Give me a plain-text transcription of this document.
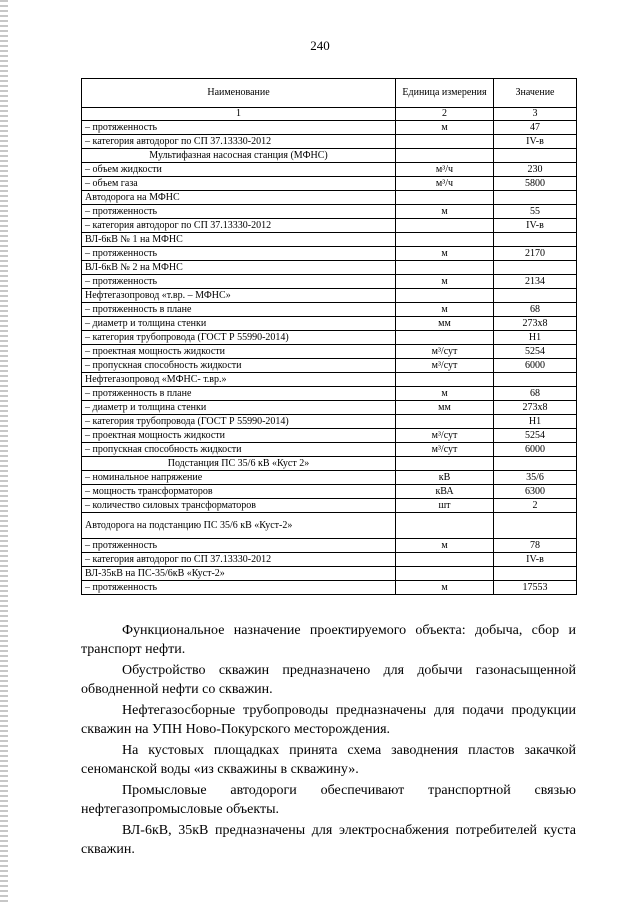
240
Наименование	Единица измерения	Значение
1	2	3
– протяженность	м	47
– категория автодорог по СП 37.13330-2012		IV-в
Мультифазная насосная станция (МФНС)		
– объем жидкости	м³/ч	230
– объем газа	м³/ч	5800
Автодорога на МФНС		
– протяженность	м	55
– категория автодорог по СП 37.13330-2012		IV-в
ВЛ-6кВ № 1 на МФНС		
– протяженность	м	2170
ВЛ-6кВ № 2 на МФНС		
– протяженность	м	2134
Нефтегазопровод «т.вр. – МФНС»		
– протяженность в плане	м	68
– диаметр и толщина стенки	мм	273х8
– категория трубопровода (ГОСТ Р 55990-2014)		Н1
– проектная мощность жидкости	м³/сут	5254
– пропускная способность жидкости	м³/сут	6000
Нефтегазопровод «МФНС- т.вр.»		
– протяженность в плане	м	68
– диаметр и толщина стенки	мм	273х8
– категория трубопровода (ГОСТ Р 55990-2014)		Н1
– проектная мощность жидкости	м³/сут	5254
– пропускная способность жидкости	м³/сут	6000
Подстанция ПС 35/6 кВ «Куст 2»		
– номинальное напряжение	кВ	35/6
– мощность трансформаторов	кВА	6300
– количество силовых трансформаторов	шт	2
Автодорога на подстанцию ПС 35/6 кВ «Куст-2»		
– протяженность	м	78
– категория автодорог по СП 37.13330-2012		IV-в
ВЛ-35кВ на ПС-35/6кВ «Куст-2»		
– протяженность	м	17553

Функциональное назначение проектируемого объекта: добыча, сбор и транспорт нефти.

Обустройство скважин предназначено для добычи газонасыщенной обводненной нефти со скважин.

Нефтегазосборные трубопроводы предназначены для подачи продукции скважин на УПН Ново-Покурского месторождения.

На кустовых площадках принята схема заводнения пластов закачкой сеноманской воды «из скважины в скважину».

Промысловые автодороги обеспечивают транспортной связью нефтегазопромысловые объекты.

ВЛ-6кВ, 35кВ предназначены для электроснабжения потребителей куста скважин.
